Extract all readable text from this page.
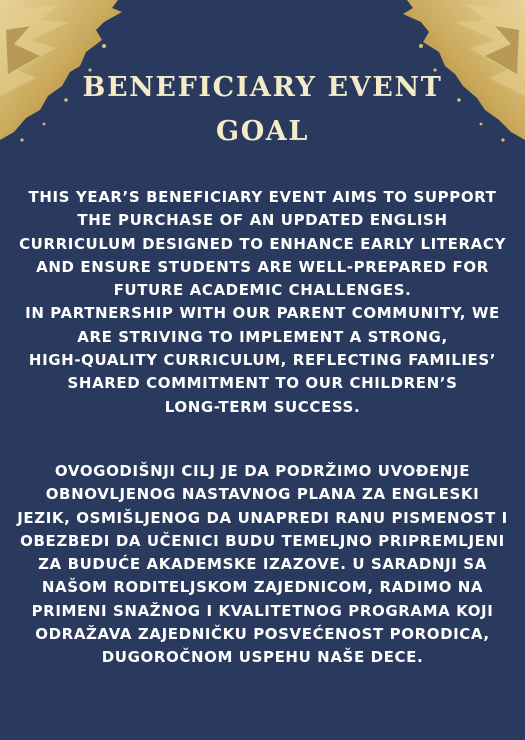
BENEFICIARY EVENT
GOAL
THIS YEAR’S BENEFICIARY EVENT AIMS TO SUPPORT
THE PURCHASE OF AN UPDATED ENGLISH
CURRICULUM DESIGNED TO ENHANCE EARLY LITERACY
AND ENSURE STUDENTS ARE WELL-PREPARED FOR
FUTURE ACADEMIC CHALLENGES.
IN PARTNERSHIP WITH OUR PARENT COMMUNITY, WE
ARE STRIVING TO IMPLEMENT A STRONG,
HIGH-QUALITY CURRICULUM, REFLECTING FAMILIES’
SHARED COMMITMENT TO OUR CHILDREN’S
LONG-TERM SUCCESS.
OVOGODIŠNJI CILJ JE DA PODRŽIMO UVOĐENJE
OBNOVLJENOG NASTAVNOG PLANA ZA ENGLESKI
JEZIK, OSMIŠLJENOG DA UNAPREDI RANU PISMENOST I
OBEZBEDI DA UČENICI BUDU TEMELJNO PRIPREMLJENI
ZA BUDUĆE AKADEMSKE IZAZOVE. U SARADNJI SA
NAŠOM RODITELJSKOM ZAJEDNICOM, RADIMO NA
PRIMENI SNAŽNOG I KVALITETNOG PROGRAMA KOJI
ODRAŽAVA ZAJEDNIČKU POSVEĆENOST PORODICA,
DUGOROČNOM USPEHU NAŠE DECE.
